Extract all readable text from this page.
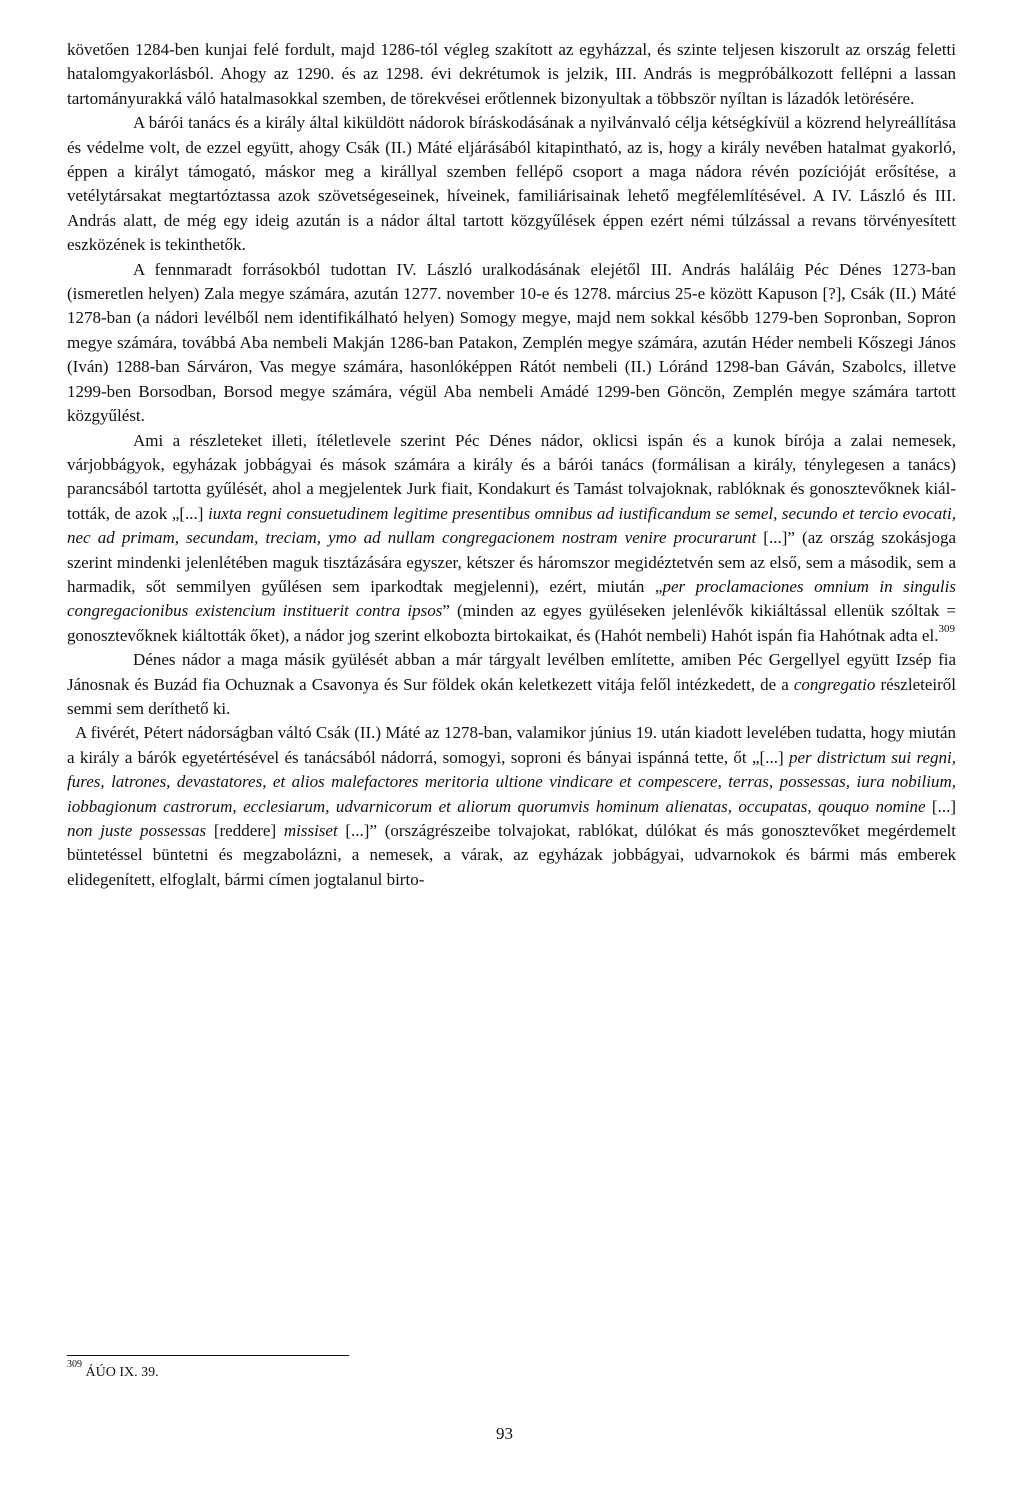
követően 1284-ben kunjai felé fordult, majd 1286-tól végleg szakított az egyházzal, és szinte teljesen kiszorult az ország feletti hatalomgyakorlásból. Ahogy az 1290. és az 1298. évi dekrétumok is jelzik, III. András is megpróbálkozott fellépni a lassan tartományurakká váló hatalmasokkal szemben, de törekvései erőtlennek bizonyultak a többször nyíltan is lázadók letörésére.

A bárói tanács és a király által kiküldött nádorok bíráskodásának a nyilvánvaló célja kétségkívül a közrend helyreállítása és védelme volt, de ezzel együtt, ahogy Csák (II.) Máté eljárásából kitapintható, az is, hogy a király nevében hatalmat gyakorló, éppen a királyt támogató, máskor meg a királlyal szemben fellépő csoport a maga nádora révén pozícióját erősítése, a vetélytársakat megtartóztassa azok szövetségeseinek, híveinek, familiárisainak lehető megfélemlítésével. A IV. László és III. András alatt, de még egy ideig azután is a nádor által tartott közgyűlések éppen ezért némi túlzással a revans törvényesített eszközének is tekinthetők.

A fennmaradt forrásokból tudottan IV. László uralkodásának elejétől III. András haláláig Péc Dénes 1273-ban (ismeretlen helyen) Zala megye számára, azután 1277. november 10-e és 1278. március 25-e között Kapuson [?], Csák (II.) Máté 1278-ban (a nádori levélből nem identifikálható helyen) Somogy megye, majd nem sokkal később 1279-ben Sopronban, Sopron megye számára, továbbá Aba nembeli Makján 1286-ban Patakon, Zemplén megye számára, azután Héder nembeli Kőszegi János (Iván) 1288-ban Sárváron, Vas megye számára, hasonlóképpen Rátót nembeli (II.) Lóránd 1298-ban Gáván, Szabolcs, illetve 1299-ben Borsodban, Borsod megye számára, végül Aba nembeli Amádé 1299-ben Göncön, Zemplén megye számára tartott közgyűlést.

Ami a részleteket illeti, ítéletlevele szerint Péc Dénes nádor, oklicsi ispán és a kunok bírója a zalai nemesek, várjobbágyok, egyházak jobbágyai és mások számára a király és a bárói tanács (formálisan a király, ténylegesen a tanács) parancsából tartotta gyűlését, ahol a megjelentek Jurk fiait, Kondakurt és Tamást tolvajoknak, rablóknak és gonosztevőknek kiáltották, de azok „[...] iuxta regni consuetudinem legitime presentibus omnibus ad iustificandum se semel, secundo et tercio evocati, nec ad primam, secundam, treciam, ymo ad nullam congregacionem nostram venire procurarunt [...]” (az ország szokásjoga szerint mindenki jelenlétében maguk tisztázására egyszer, kétszer és háromszor megidéztetvén sem az első, sem a második, sem a harmadik, sőt semmilyen gyűlésen sem iparkodtak megjelenni), ezért, miután „per proclamaciones omnium in singulis congregacionibus existencium instituerit contra ipsos” (minden az egyes gyüléseken jelenlévők kikiáltással ellenük szóltak = gonosztevőknek kiáltották őket), a nádor jog szerint elkobozta birtokaikat, és (Hahót nembeli) Hahót ispán fia Hahótnak adta el.$^{309}$

Dénes nádor a maga másik gyülését abban a már tárgyalt levélben említette, amiben Péc Gergellyel együtt Izsép fia Jánosnak és Buzád fia Ochuznak a Csavonya és Sur földek okán keletkezett vitája felől intézkedett, de a congregatio részleteiről semmi sem deríthető ki.

A fivérét, Pétert nádorságban váltó Csák (II.) Máté az 1278-ban, valamikor június 19. után kiadott levelében tudatta, hogy miután a király a bárók egyetértésével és tanácsából nádorrá, somogyi, soproni és bányai ispánná tette, őt „[...] per districtum sui regni, fures, latrones, devastatores, et alios malefactores meritoria ultione vindicare et compescere, terras, possessas, iura nobilium, iobbagionum castrorum, ecclesiarum, udvarnicorum et aliorum quorumvis hominum alienatas, occupatas, qouquo nomine [...] non juste possessas [reddere] missiset [...]” (országrészeibe tolvajokat, rablókat, dúlókat és más gonosztevőket megérdemelt büntetéssel büntetni és megzabolázni, a nemesek, a várak, az egyházak jobbágyai, udvarnokok és bármi más emberek elidegenített, elfoglalt, bármi címen jogtalanul birto-

$^{309}$ ÁÚO IX. 39.
93
